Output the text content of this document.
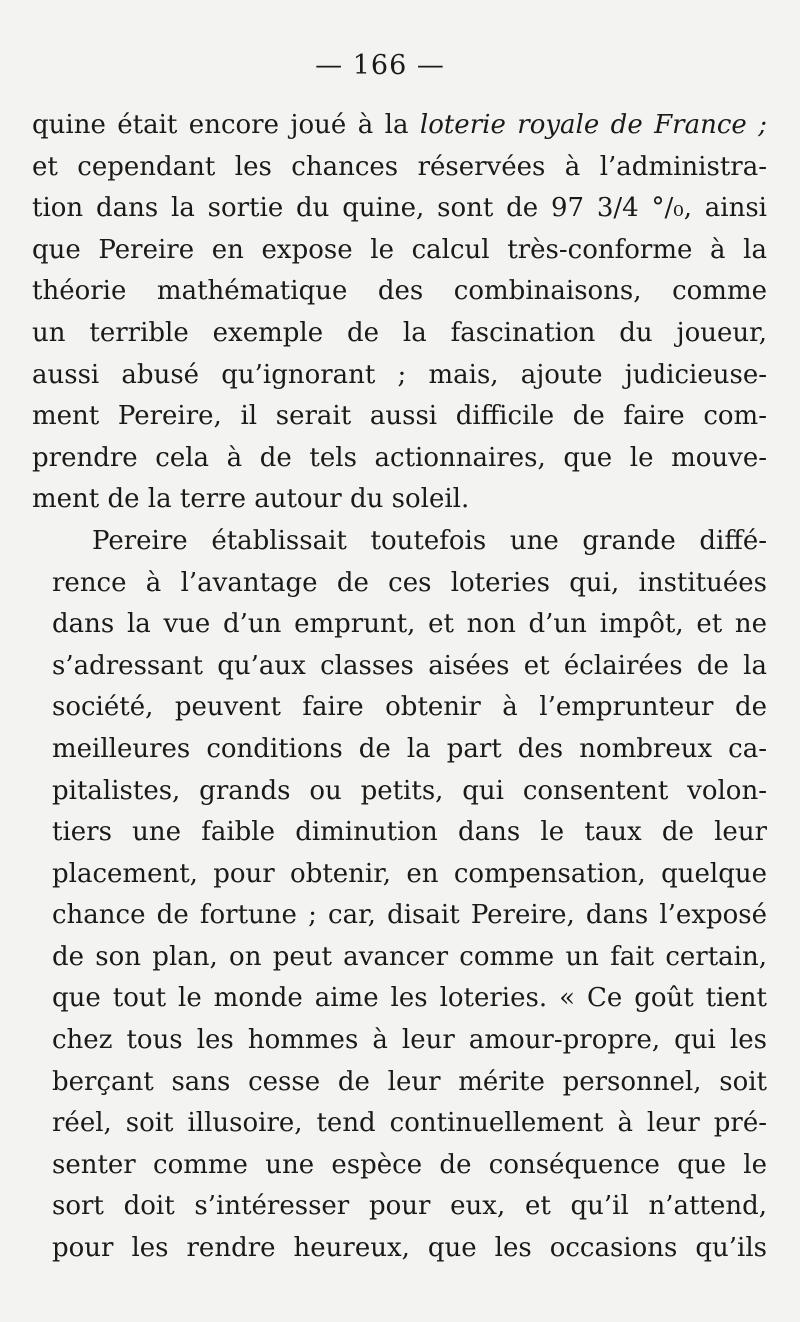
— 166 —
quine était encore joué à la loterie royale de France ;
et cependant les chances réservées à l’administra-
tion dans la sortie du quine, sont de 97 3/4 °/₀, ainsi
que Pereire en expose le calcul très-conforme à la
théorie mathématique des combinaisons, comme
un terrible exemple de la fascination du joueur,
aussi abusé qu’ignorant ; mais, ajoute judicieuse-
ment Pereire, il serait aussi difficile de faire com-
prendre cela à de tels actionnaires, que le mouve-
ment de la terre autour du soleil.
Pereire établissait toutefois une grande diffé-
rence à l’avantage de ces loteries qui, instituées
dans la vue d’un emprunt, et non d’un impôt, et ne
s’adressant qu’aux classes aisées et éclairées de la
société, peuvent faire obtenir à l’emprunteur de
meilleures conditions de la part des nombreux ca-
pitalistes, grands ou petits, qui consentent volon-
tiers une faible diminution dans le taux de leur
placement, pour obtenir, en compensation, quelque
chance de fortune ; car, disait Pereire, dans l’exposé
de son plan, on peut avancer comme un fait certain,
que tout le monde aime les loteries. « Ce goût tient
chez tous les hommes à leur amour-propre, qui les
berçant sans cesse de leur mérite personnel, soit
réel, soit illusoire, tend continuellement à leur pré-
senter comme une espèce de conséquence que le
sort doit s’intéresser pour eux, et qu’il n’attend,
pour les rendre heureux, que les occasions qu’ils
